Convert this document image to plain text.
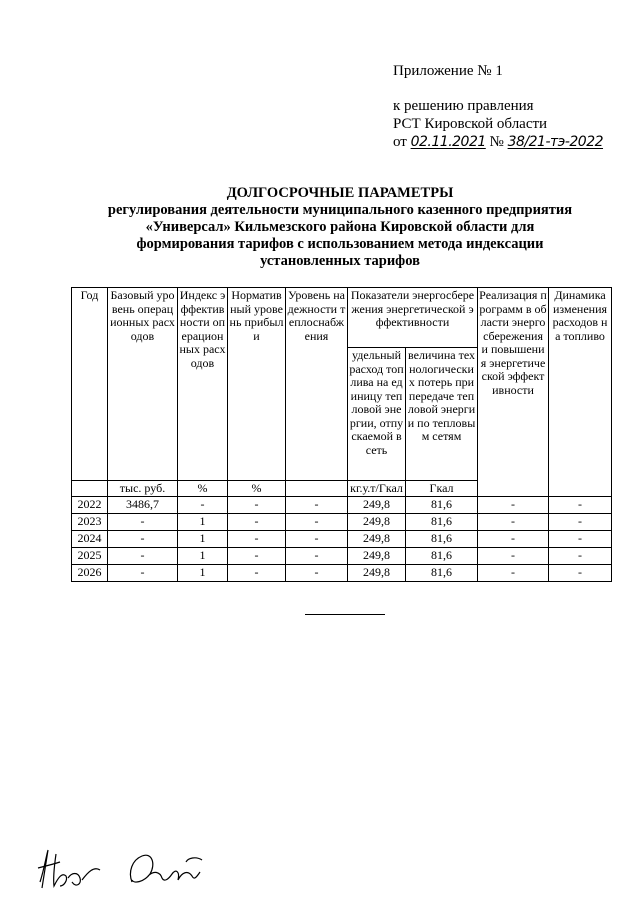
Приложение № 1
к решению правления
РСТ Кировской области
от 02.11.2021 № 38/21-тэ-2022
ДОЛГОСРОЧНЫЕ ПАРАМЕТРЫ
регулирования деятельности муниципального казенного предприятия
«Универсал» Кильмезского района Кировской области для
формирования тарифов с использованием метода индексации
установленных тарифов
Год	Базовый уровень операционных расходов	Индекс эффективности операционных расходов	Нормативный уровень прибыли	Уровень надежности теплоснабжения	Показатели энергосбережения энергетической эффективности		Реализация программ в области энергосбережения и повышения энергетической эффективности	Динамика изменения расходов на топливо
					удельный расход топлива на единицу тепловой энергии, отпускаемой в сеть	величина технологических потерь при передаче тепловой энергии по тепловым сетям		
	тыс. руб.	%	%		кг.у.т/Гкал	Гкал		
2022	3486,7	-	-	-	249,8	81,6	-	-
2023	-	1	-	-	249,8	81,6	-	-
2024	-	1	-	-	249,8	81,6	-	-
2025	-	1	-	-	249,8	81,6	-	-
2026	-	1	-	-	249,8	81,6	-	-
